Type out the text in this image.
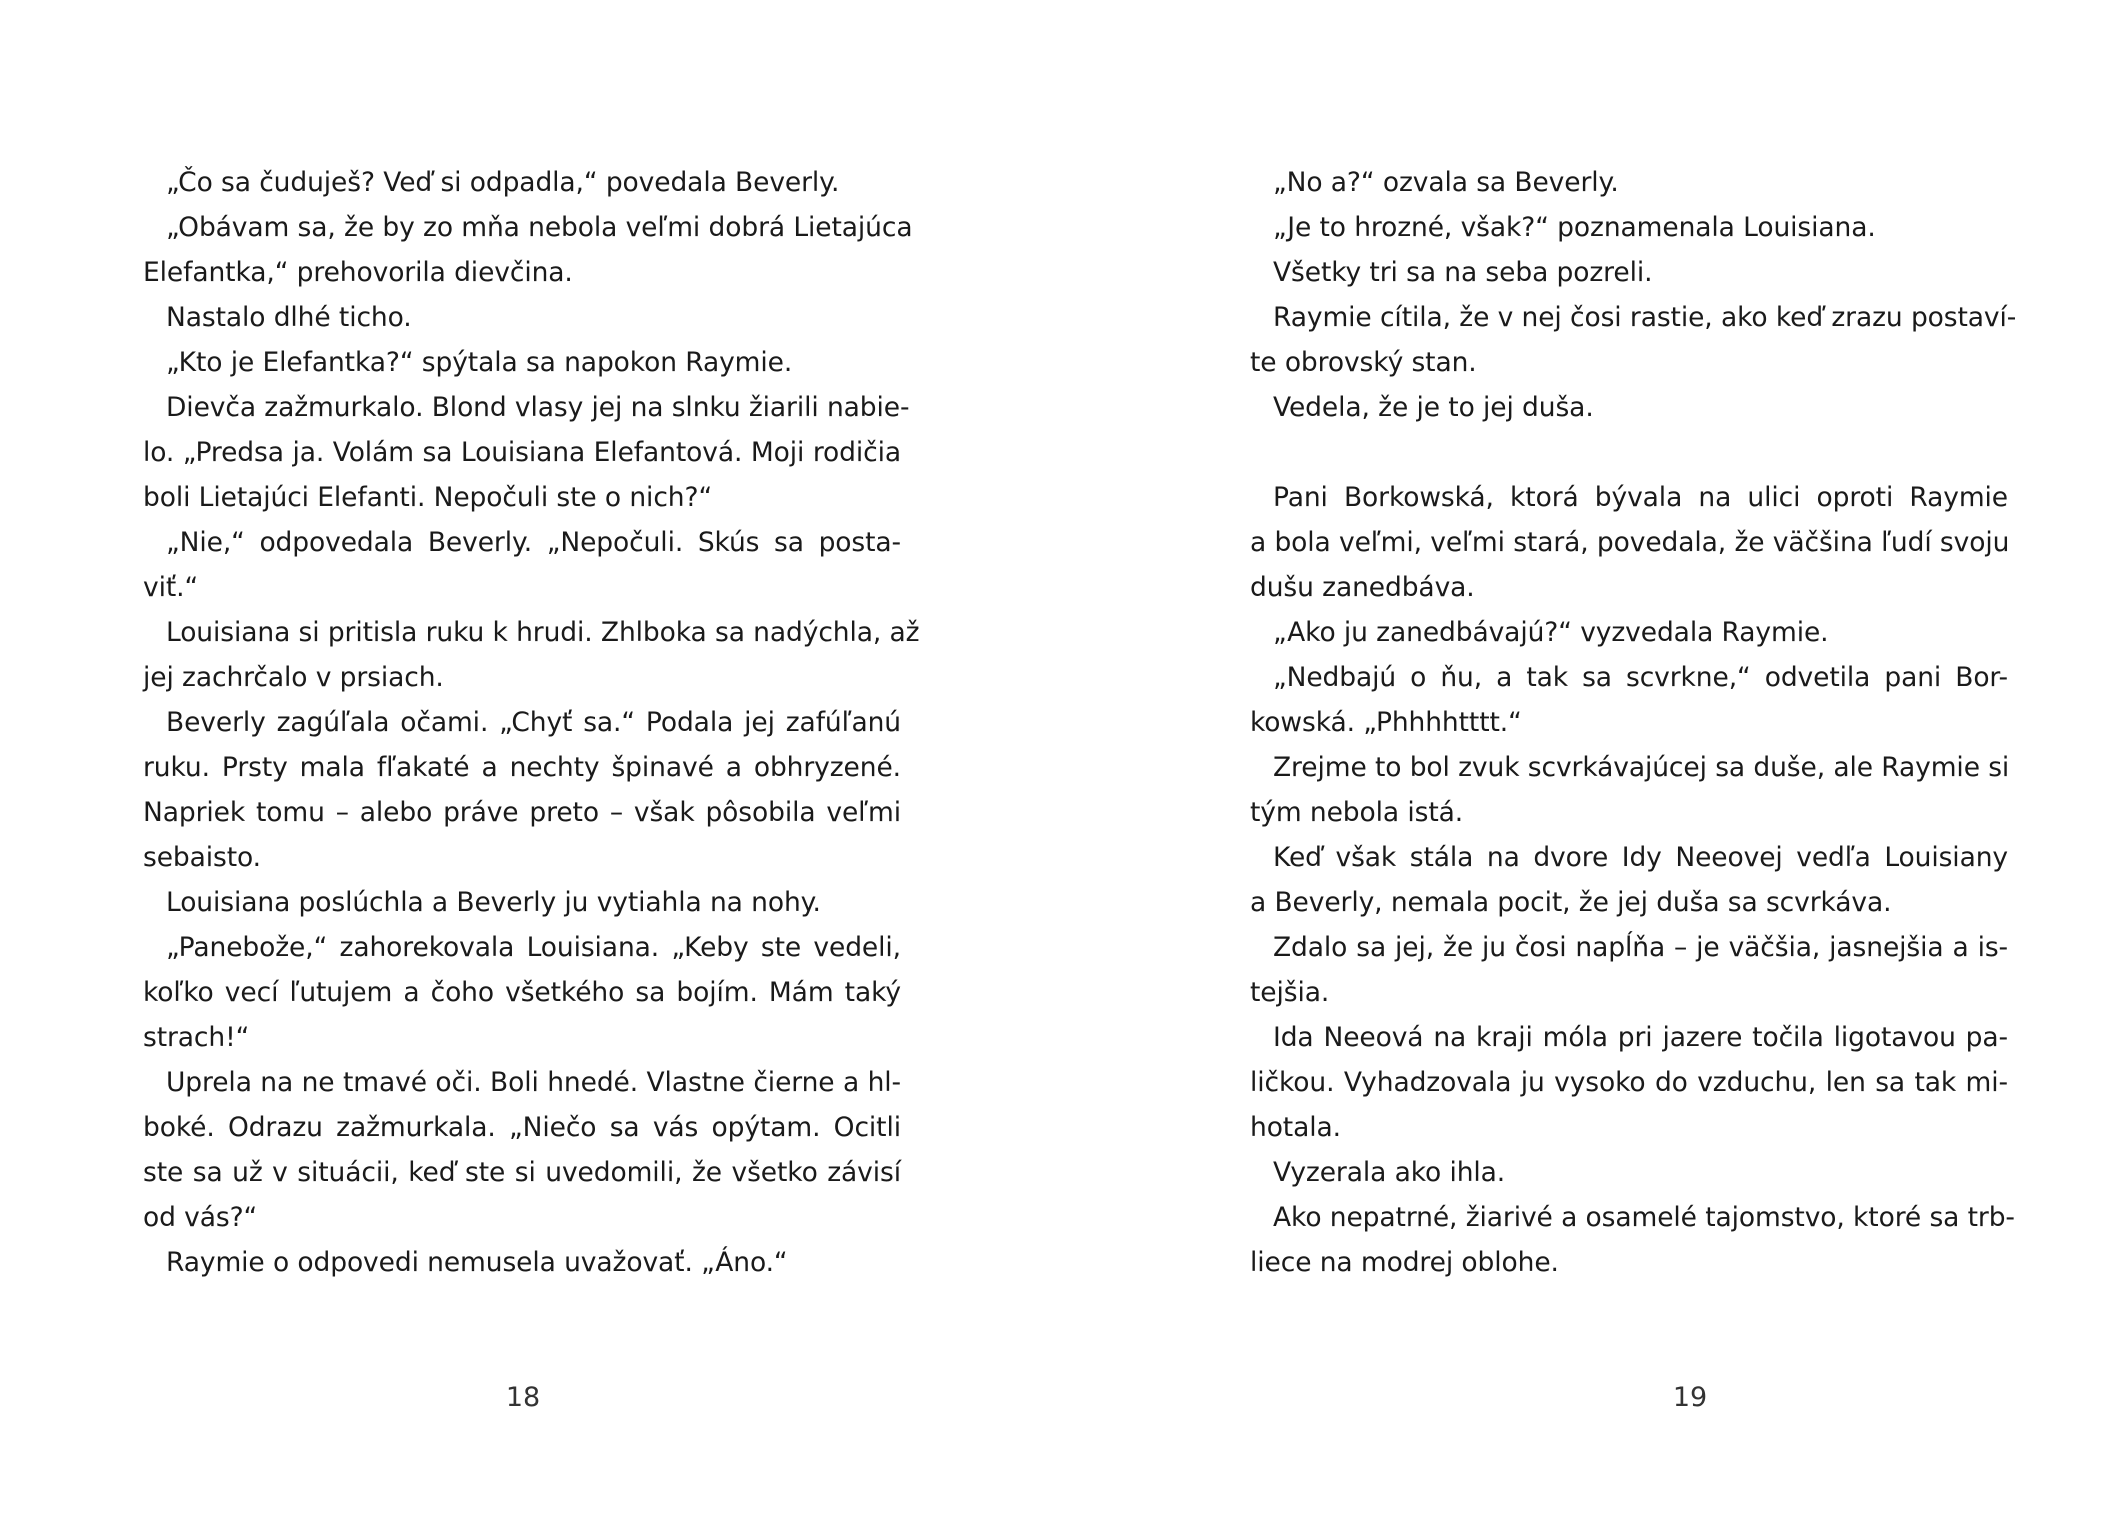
„Čo sa čuduješ? Veď si odpadla,“ povedala Beverly.
„Obávam sa, že by zo mňa nebola veľmi dobrá Lietajúca
Elefantka,“ prehovorila dievčina.
Nastalo dlhé ticho.
„Kto je Elefantka?“ spýtala sa napokon Raymie.
Dievča zažmurkalo. Blond vlasy jej na slnku žiarili nabie-
lo. „Predsa ja. Volám sa Louisiana Elefantová. Moji rodičia
boli Lietajúci Elefanti. Nepočuli ste o nich?“
„Nie,“ odpovedala Beverly. „Nepočuli. Skús sa posta-
viť.“
Louisiana si pritisla ruku k hrudi. Zhlboka sa nadýchla, až
jej zachrčalo v prsiach.
Beverly zagúľala očami. „Chyť sa.“ Podala jej zafúľanú
ruku. Prsty mala fľakaté a nechty špinavé a obhryzené.
Napriek tomu – alebo práve preto – však pôsobila veľmi
sebaisto.
Louisiana poslúchla a Beverly ju vytiahla na nohy.
„Panebože,“ zahorekovala Louisiana. „Keby ste vedeli,
koľko vecí ľutujem a čoho všetkého sa bojím. Mám taký
strach!“
Uprela na ne tmavé oči. Boli hnedé. Vlastne čierne a hl-
boké. Odrazu zažmurkala. „Niečo sa vás opýtam. Ocitli
ste sa už v situácii, keď ste si uvedomili, že všetko závisí
od vás?“
Raymie o odpovedi nemusela uvažovať. „Áno.“
18
„No a?“ ozvala sa Beverly.
„Je to hrozné, však?“ poznamenala Louisiana.
Všetky tri sa na seba pozreli.
Raymie cítila, že v nej čosi rastie, ako keď zrazu postaví-
te obrovský stan.
Vedela, že je to jej duša.
Pani Borkowská, ktorá bývala na ulici oproti Raymie
a bola veľmi, veľmi stará, povedala, že väčšina ľudí svoju
dušu zanedbáva.
„Ako ju zanedbávajú?“ vyzvedala Raymie.
„Nedbajú o ňu, a tak sa scvrkne,“ odvetila pani Bor-
kowská. „Phhhhtttt.“
Zrejme to bol zvuk scvrkávajúcej sa duše, ale Raymie si
tým nebola istá.
Keď však stála na dvore Idy Neeovej vedľa Louisiany
a Beverly, nemala pocit, že jej duša sa scvrkáva.
Zdalo sa jej, že ju čosi napĺňa – je väčšia, jasnejšia a is-
tejšia.
Ida Neeová na kraji móla pri jazere točila ligotavou pa-
ličkou. Vyhadzovala ju vysoko do vzduchu, len sa tak mi-
hotala.
Vyzerala ako ihla.
Ako nepatrné, žiarivé a osamelé tajomstvo, ktoré sa trb-
liece na modrej oblohe.
19
